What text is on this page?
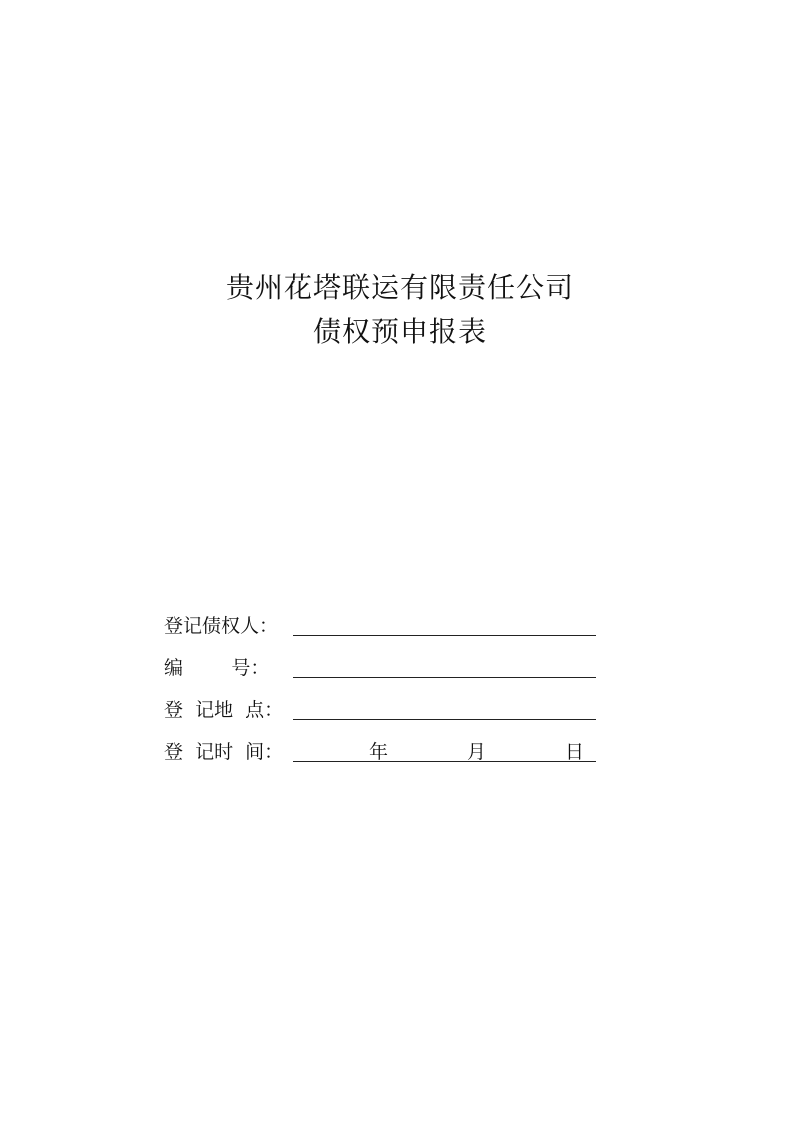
贵州花塔联运有限责任公司
债权预申报表
登记债权人：
编        号：
登  记地  点：
登  记时  间：	年	月	日
